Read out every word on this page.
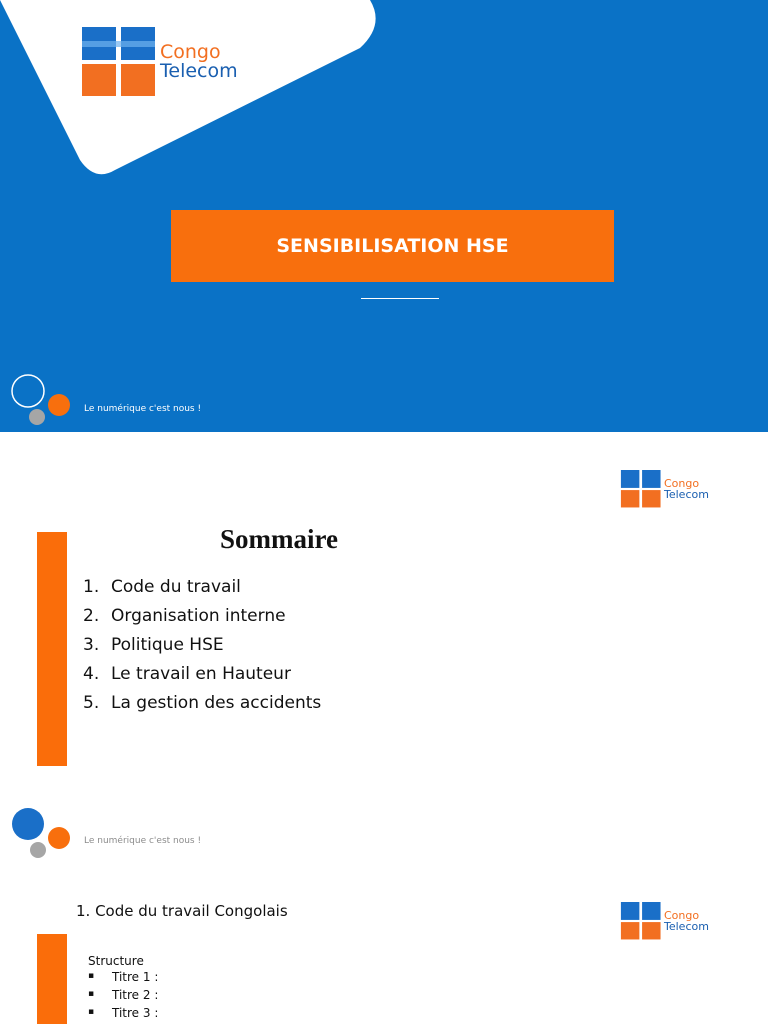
Congo
Telecom
SENSIBILISATION HSE
Le numérique c'est nous !
Congo
Telecom
Sommaire
1. Code du travail
2. Organisation interne
3. Politique HSE
4. Le travail en Hauteur
5. La gestion des accidents
Le numérique c'est nous !
1. Code du travail Congolais	Congo
Telecom
Structure
▪	Titre 1 :
▪	Titre 2 :
▪	Titre 3 :
